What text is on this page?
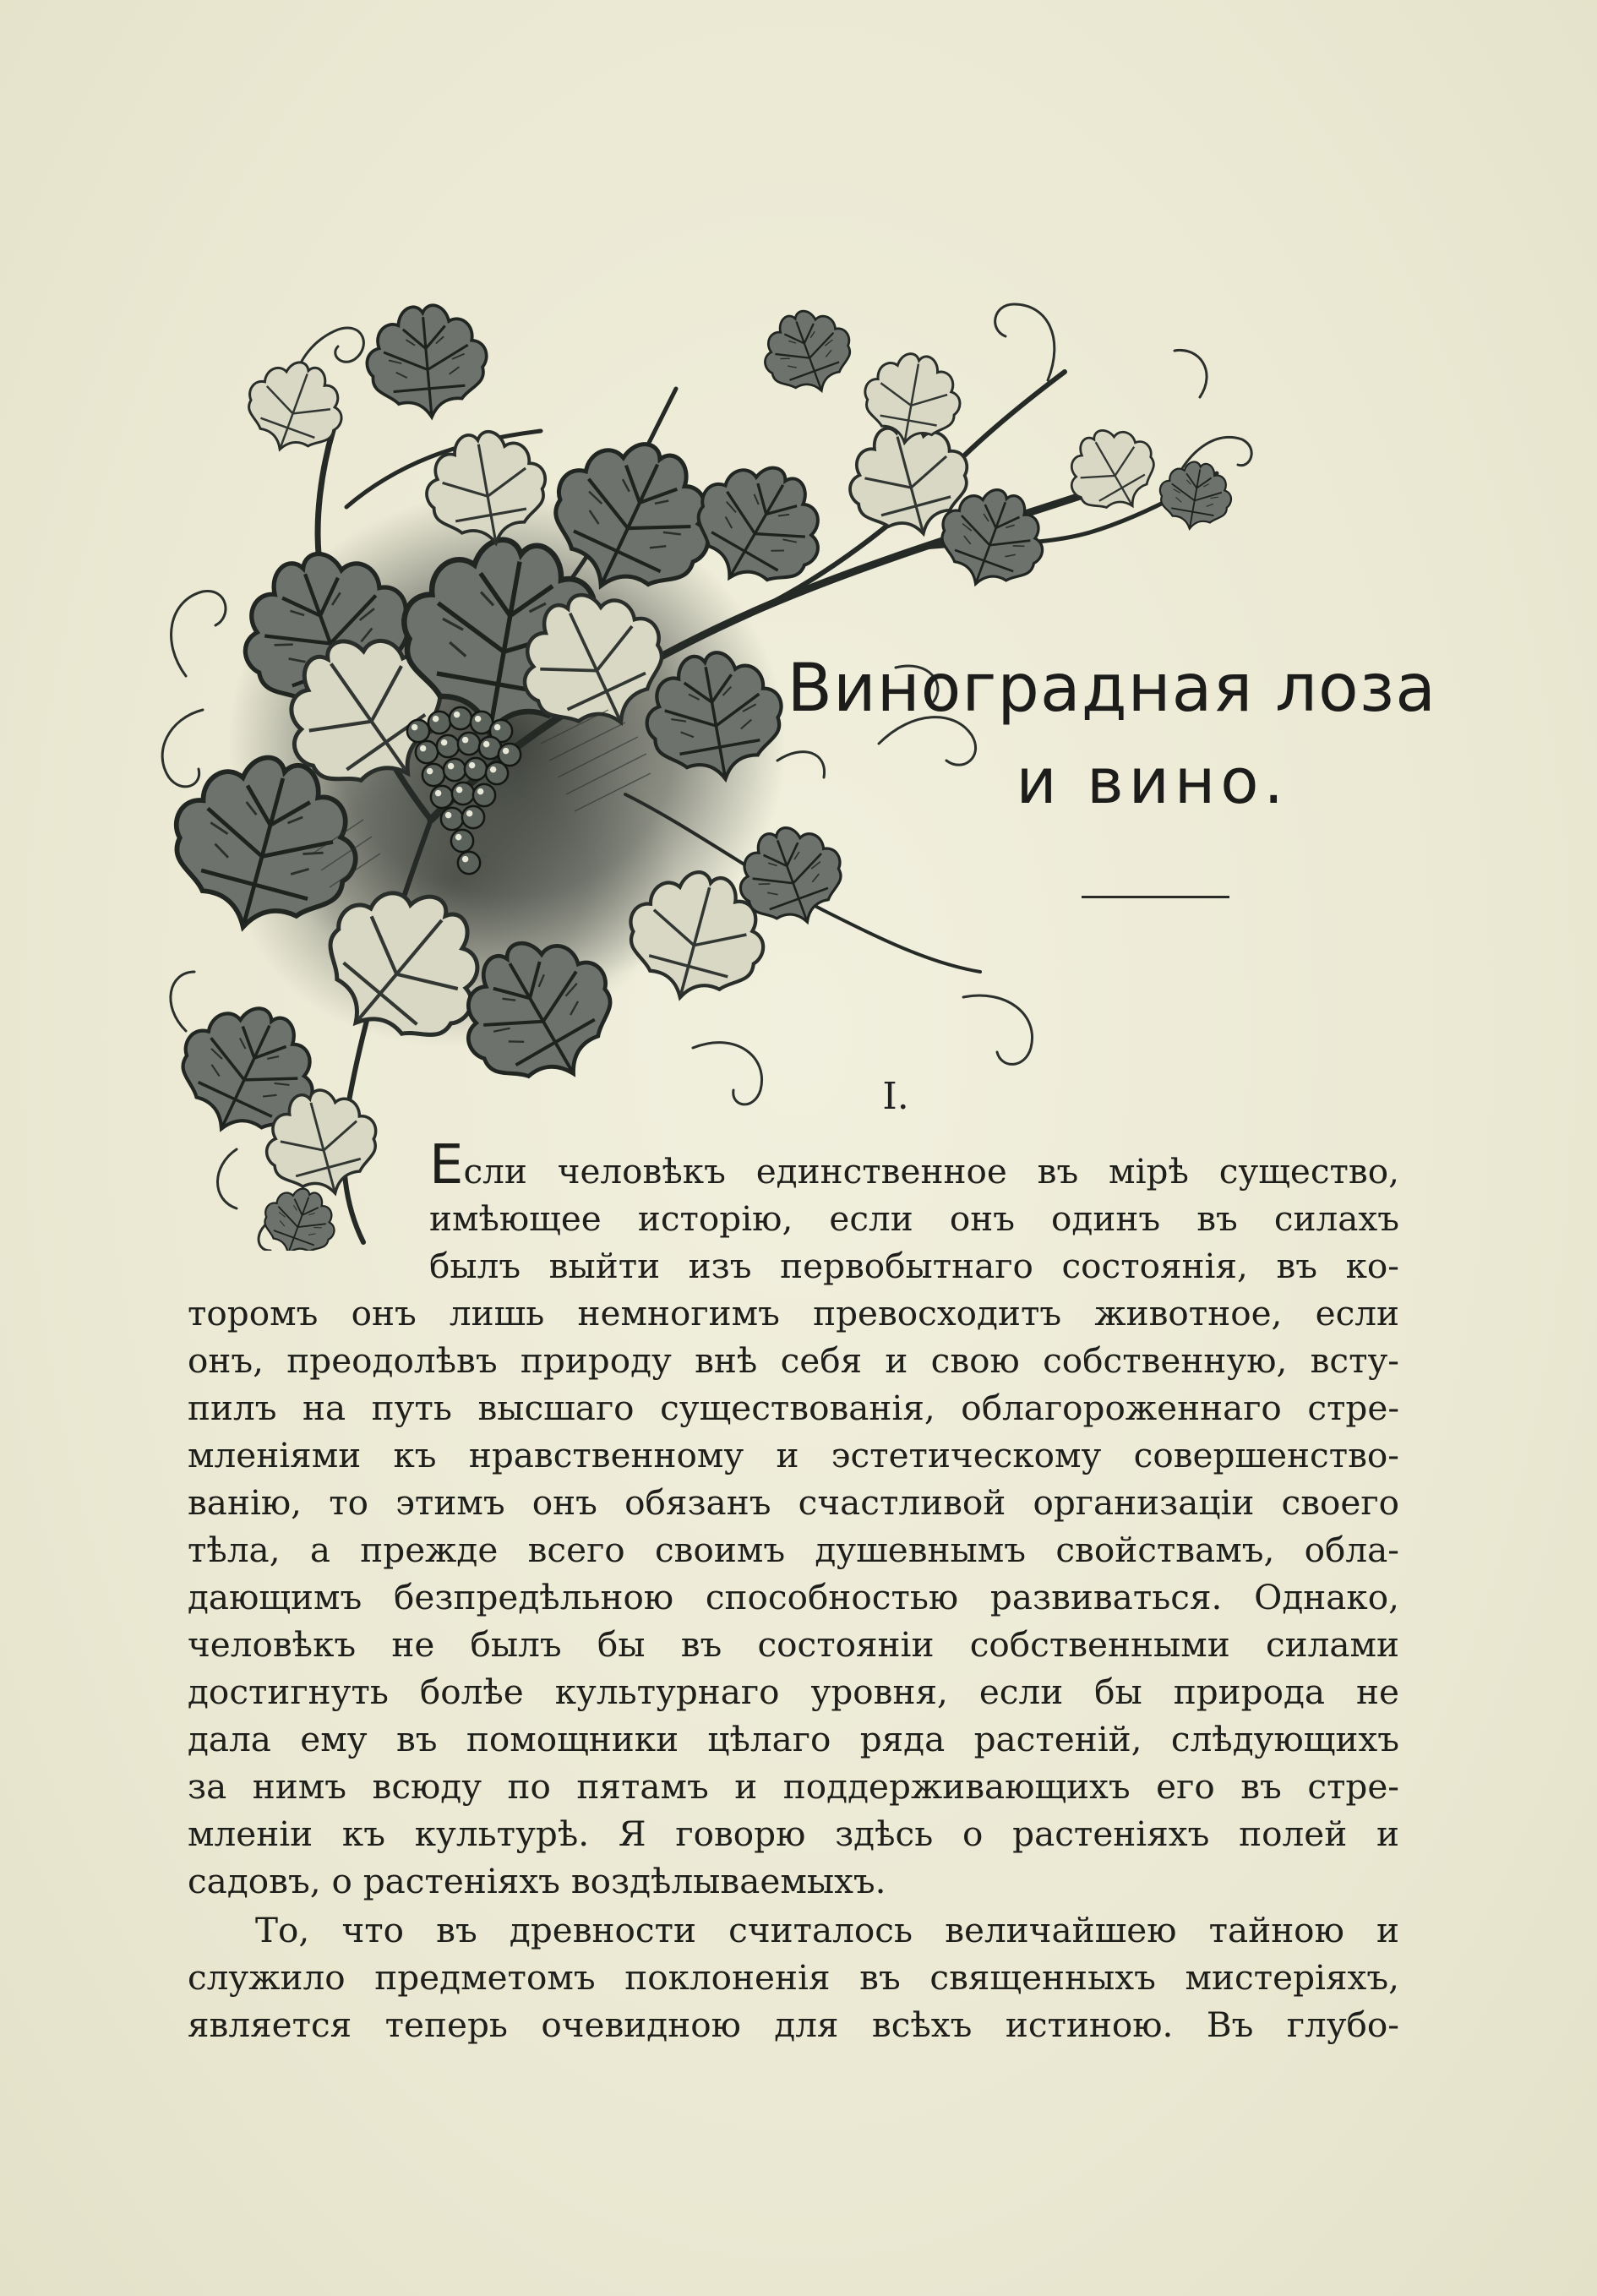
Виноградная лоза
и вино.
I.
Если человѣкъ единственное въ мірѣ существо,
имѣющее исторію, если онъ одинъ въ силахъ
былъ выйти изъ первобытнаго состоянія, въ ко-
торомъ онъ лишь немногимъ превосходитъ животное, если
онъ, преодолѣвъ природу внѣ себя и свою собственную, всту-
пилъ на путь высшаго существованія, облагороженнаго стре-
мленіями къ нравственному и эстетическому совершенство-
ванію, то этимъ онъ обязанъ счастливой организаціи своего
тѣла, а прежде всего своимъ душевнымъ свойствамъ, обла-
дающимъ безпредѣльною способностью развиваться. Однако,
человѣкъ не былъ бы въ состояніи собственными силами
достигнуть болѣе культурнаго уровня, если бы природа не
дала ему въ помощники цѣлаго ряда растеній, слѣдующихъ
за нимъ всюду по пятамъ и поддерживающихъ его въ стре-
мленіи къ культурѣ. Я говорю здѣсь о растеніяхъ полей и
садовъ, о растеніяхъ воздѣлываемыхъ.
То, что въ древности считалось величайшею тайною и
служило предметомъ поклоненія въ священныхъ мистеріяхъ,
является теперь очевидною для всѣхъ истиною. Въ глубо-
